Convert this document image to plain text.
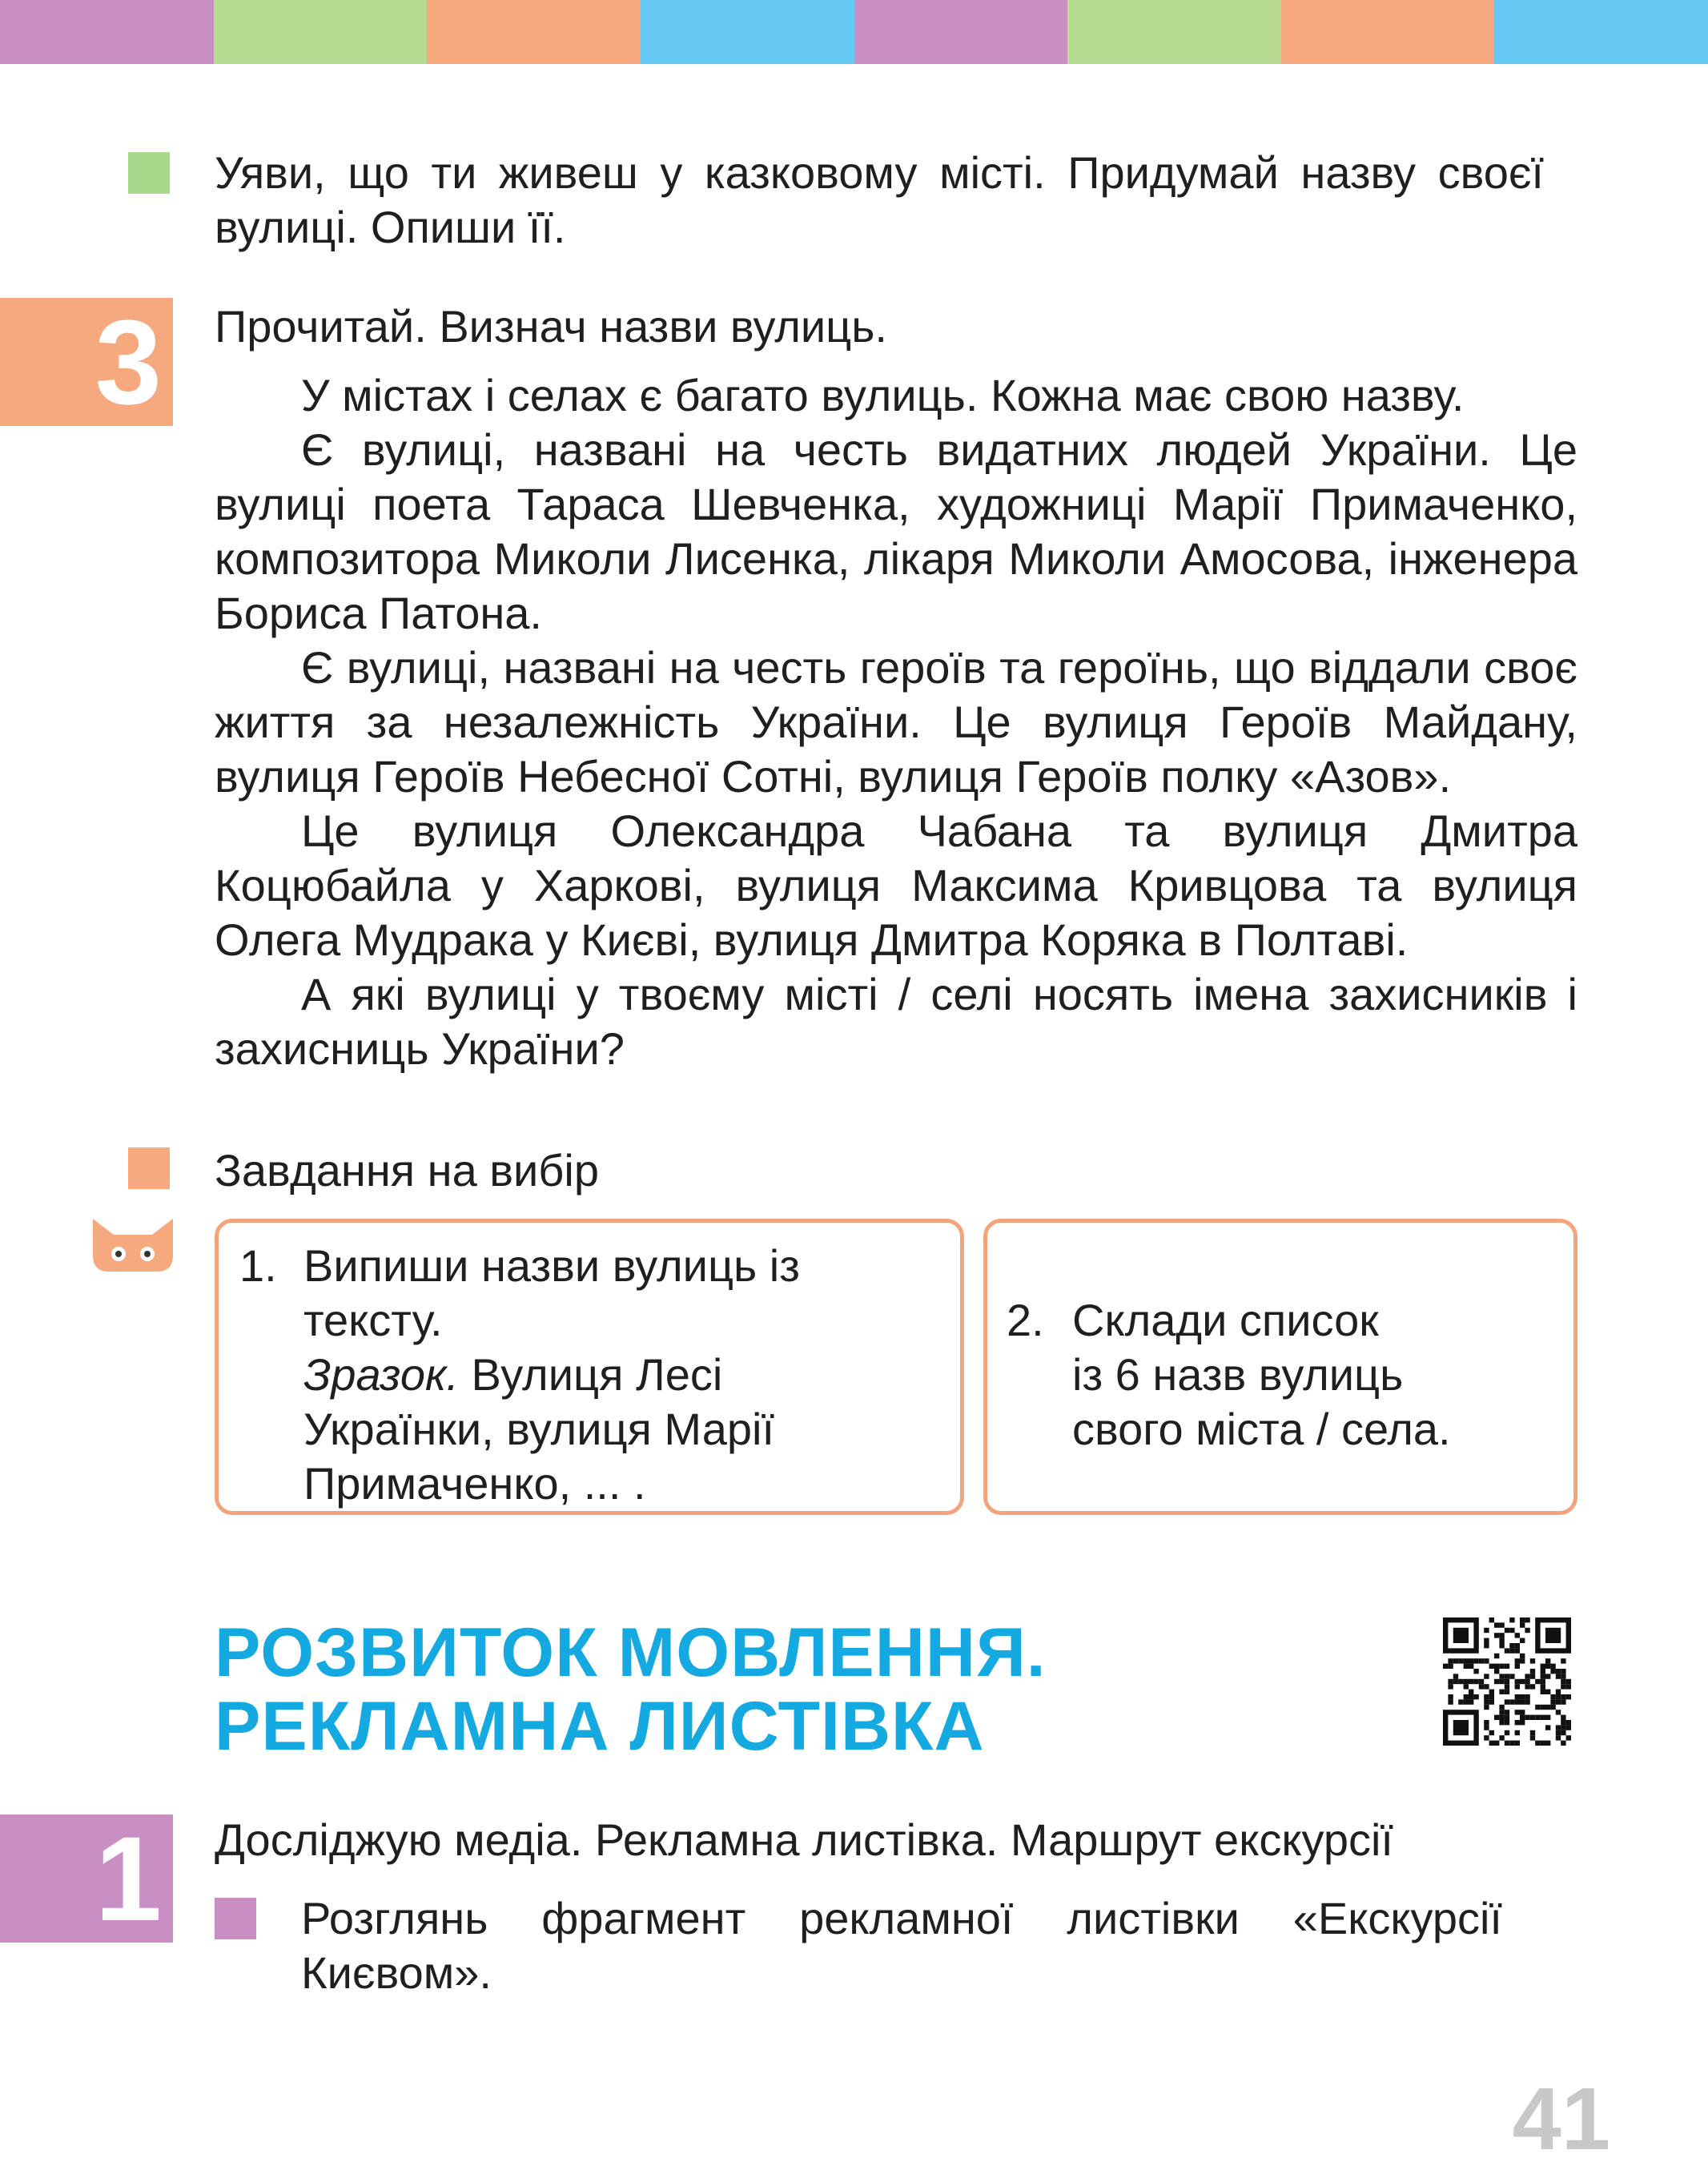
Уяви, що ти живеш у казковому місті. Придумай назву своєї вулиці. Опиши її.
3 Прочитай. Визнач назви вулиць.
У містах і селах є багато вулиць. Кожна має свою назву.
Є вулиці, названі на честь видатних людей України. Це вулиці поета Тараса Шевченка, художниці Марії Примаченко, композитора Миколи Лисенка, лікаря Миколи Амосова, інженера Бориса Патона.
Є вулиці, названі на честь героїв та героїнь, що віддали своє життя за незалежність України. Це вулиця Героїв Майдану, вулиця Героїв Небесної Сотні, вулиця Героїв полку «Азов».
Це вулиця Олександра Чабана та вулиця Дмитра Коцюбайла у Харкові, вулиця Максима Кривцова та вулиця Олега Мудрака у Києві, вулиця Дмитра Коряка в Полтаві.
А які вулиці у твоєму місті / селі носять імена захисників і захисниць України?
Завдання на вибір
1. Випиши назви вулиць із
тексту.
Зразок. Вулиця Лесі
Українки, вулиця Марії
Примаченко, ... .
2. Склади список
із 6 назв вулиць
свого міста / села.
РОЗВИТОК МОВЛЕННЯ.
РЕКЛАМНА ЛИСТІВКА
1 Досліджую медіа. Рекламна листівка. Маршрут екскурсії
Розглянь фрагмент рекламної листівки «Екскурсії Києвом».
41
